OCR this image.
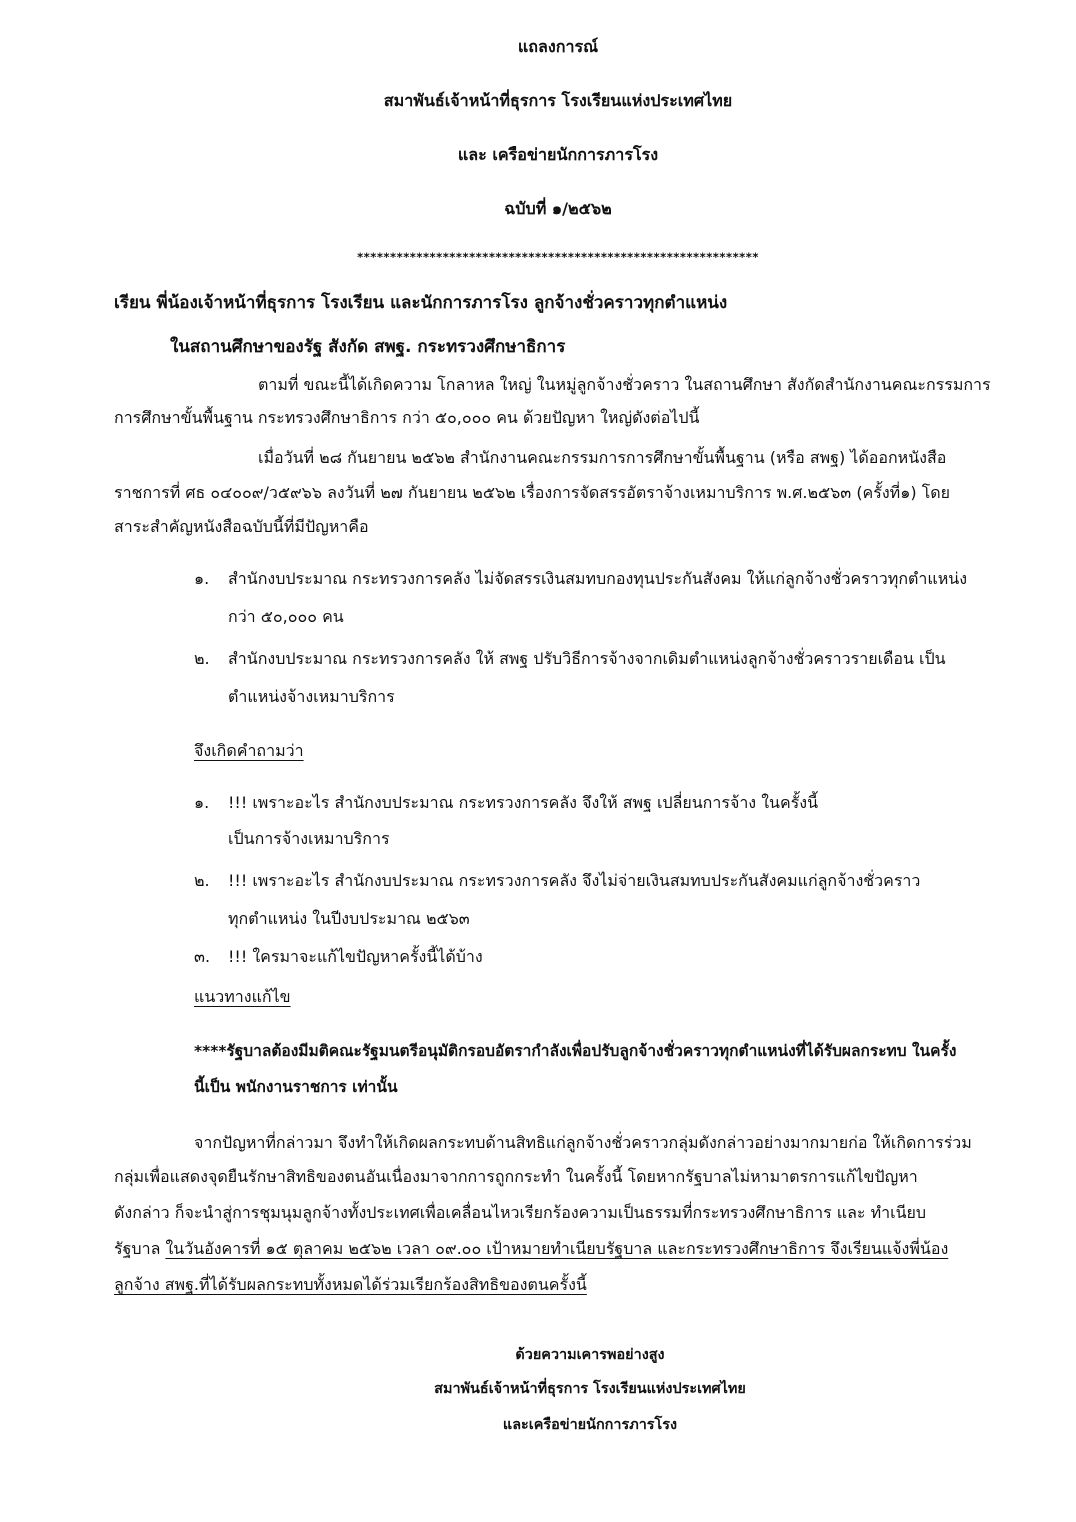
แถลงการณ์
สมาพันธ์เจ้าหน้าที่ธุรการ โรงเรียนแห่งประเทศไทย
และ เครือข่ายนักการภารโรง
ฉบับที่ ๑/๒๕๖๒
*************************************************************
เรียน พี่น้องเจ้าหน้าที่ธุรการ โรงเรียน และนักการภารโรง ลูกจ้างชั่วคราวทุกตำแหน่ง
ในสถานศึกษาของรัฐ สังกัด สพฐ. กระทรวงศึกษาธิการ
ตามที่ ขณะนี้ได้เกิดความ โกลาหล ใหญ่ ในหมู่ลูกจ้างชั่วคราว ในสถานศึกษา สังกัดสำนักงานคณะกรรมการ
การศึกษาขั้นพื้นฐาน กระทรวงศึกษาธิการ กว่า ๕๐,๐๐๐ คน ด้วยปัญหา ใหญ่ดังต่อไปนี้
เมื่อวันที่ ๒๘ กันยายน ๒๕๖๒ สำนักงานคณะกรรมการการศึกษาขั้นพื้นฐาน (หรือ สพฐ) ได้ออกหนังสือ
ราชการที่ ศธ ๐๔๐๐๙/ว๕๙๖๖ ลงวันที่ ๒๗ กันยายน ๒๕๖๒ เรื่องการจัดสรรอัตราจ้างเหมาบริการ พ.ศ.๒๕๖๓ (ครั้งที่๑) โดย
สาระสำคัญหนังสือฉบับนี้ที่มีปัญหาคือ
๑. สำนักงบประมาณ กระทรวงการคลัง ไม่จัดสรรเงินสมทบกองทุนประกันสังคม ให้แก่ลูกจ้างชั่วคราวทุกตำแหน่ง
กว่า ๕๐,๐๐๐ คน
๒. สำนักงบประมาณ กระทรวงการคลัง ให้ สพฐ ปรับวิธีการจ้างจากเดิมตำแหน่งลูกจ้างชั่วคราวรายเดือน เป็น
ตำแหน่งจ้างเหมาบริการ
จึงเกิดคำถามว่า
๑. !!! เพราะอะไร สำนักงบประมาณ กระทรวงการคลัง จึงให้ สพฐ เปลี่ยนการจ้าง ในครั้งนี้
เป็นการจ้างเหมาบริการ
๒. !!! เพราะอะไร สำนักงบประมาณ กระทรวงการคลัง จึงไม่จ่ายเงินสมทบประกันสังคมแก่ลูกจ้างชั่วคราว
ทุกตำแหน่ง ในปีงบประมาณ ๒๕๖๓
๓. !!! ใครมาจะแก้ไขปัญหาครั้งนี้ได้บ้าง
แนวทางแก้ไข
****รัฐบาลต้องมีมติคณะรัฐมนตรีอนุมัติกรอบอัตรากำลังเพื่อปรับลูกจ้างชั่วคราวทุกตำแหน่งที่ได้รับผลกระทบ ในครั้ง
นี้เป็น พนักงานราชการ เท่านั้น
จากปัญหาที่กล่าวมา จึงทำให้เกิดผลกระทบด้านสิทธิแก่ลูกจ้างชั่วคราวกลุ่มดังกล่าวอย่างมากมายก่อ ให้เกิดการร่วม
กลุ่มเพื่อแสดงจุดยืนรักษาสิทธิของตนอันเนื่องมาจากการถูกกระทำ ในครั้งนี้ โดยหากรัฐบาลไม่หามาตรการแก้ไขปัญหา
ดังกล่าว ก็จะนำสู่การชุมนุมลูกจ้างทั้งประเทศเพื่อเคลื่อนไหวเรียกร้องความเป็นธรรมที่กระทรวงศึกษาธิการ และ ทำเนียบ
รัฐบาล ในวันอังคารที่ ๑๕ ตุลาคม ๒๕๖๒ เวลา ๐๙.๐๐ เป้าหมายทำเนียบรัฐบาล และกระทรวงศึกษาธิการ จึงเรียนแจ้งพี่น้อง
ลูกจ้าง สพฐ.ที่ได้รับผลกระทบทั้งหมดได้ร่วมเรียกร้องสิทธิของตนครั้งนี้
ด้วยความเคารพอย่างสูง
สมาพันธ์เจ้าหน้าที่ธุรการ โรงเรียนแห่งประเทศไทย
และเครือข่ายนักการภารโรง
